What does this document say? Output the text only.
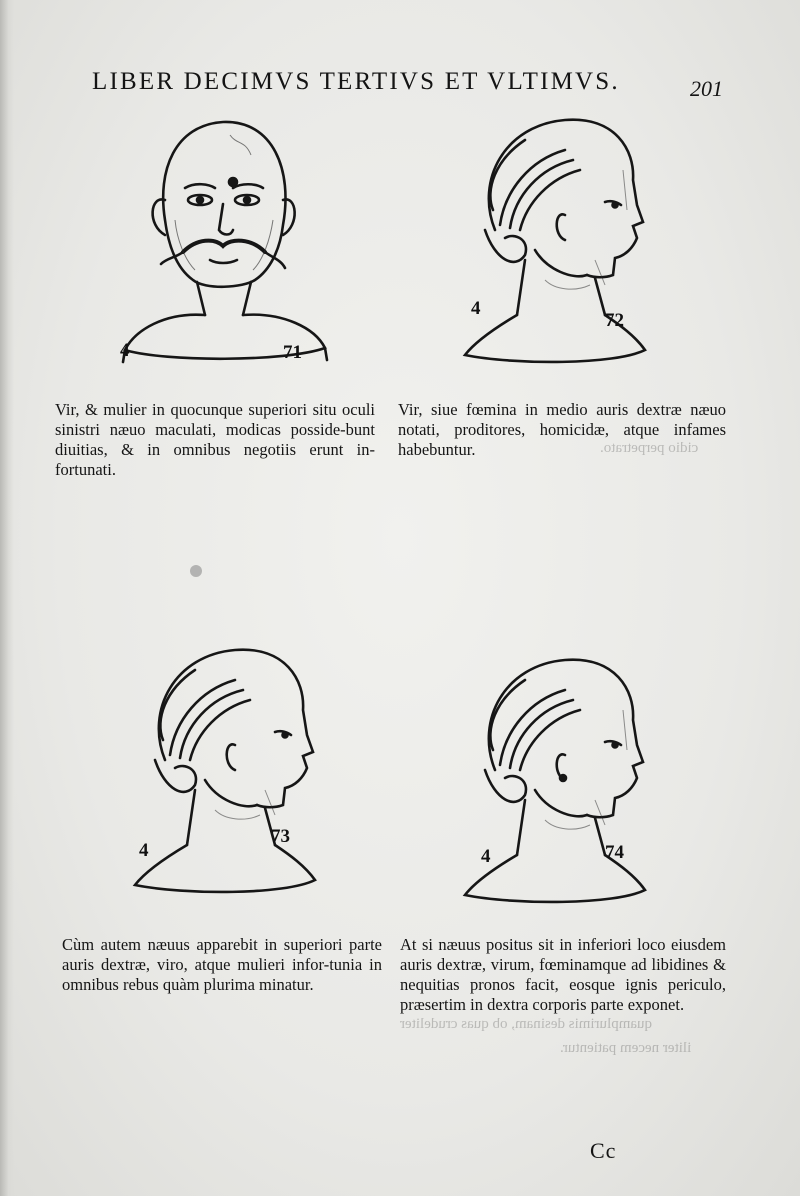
LIBER DECIMVS TERTIVS ET VLTIMVS.	201
cidio perpetrato.
quamplurimis desinam, ob quas crudeliter
iliter necem patientur.
4	71
4
72
4
73
4	74
Vir, & mulier in quocunque superiori situ oculi sinistri næuo maculati, modicas posside-bunt diuitias, & in omnibus negotiis erunt in-fortunati.
Vir, siue fœmina in medio auris dextræ næuo notati, proditores, homicidæ, atque infames habebuntur.
Cùm autem næuus apparebit in superiori parte auris dextræ, viro, atque mulieri infor-tunia in omnibus rebus quàm plurima minatur.
At si næuus positus sit in inferiori loco eiusdem auris dextræ, virum, fœminamque ad libidines & nequitias pronos facit, eosque ignis periculo, præsertim in dextra corporis parte exponet.
Cc
